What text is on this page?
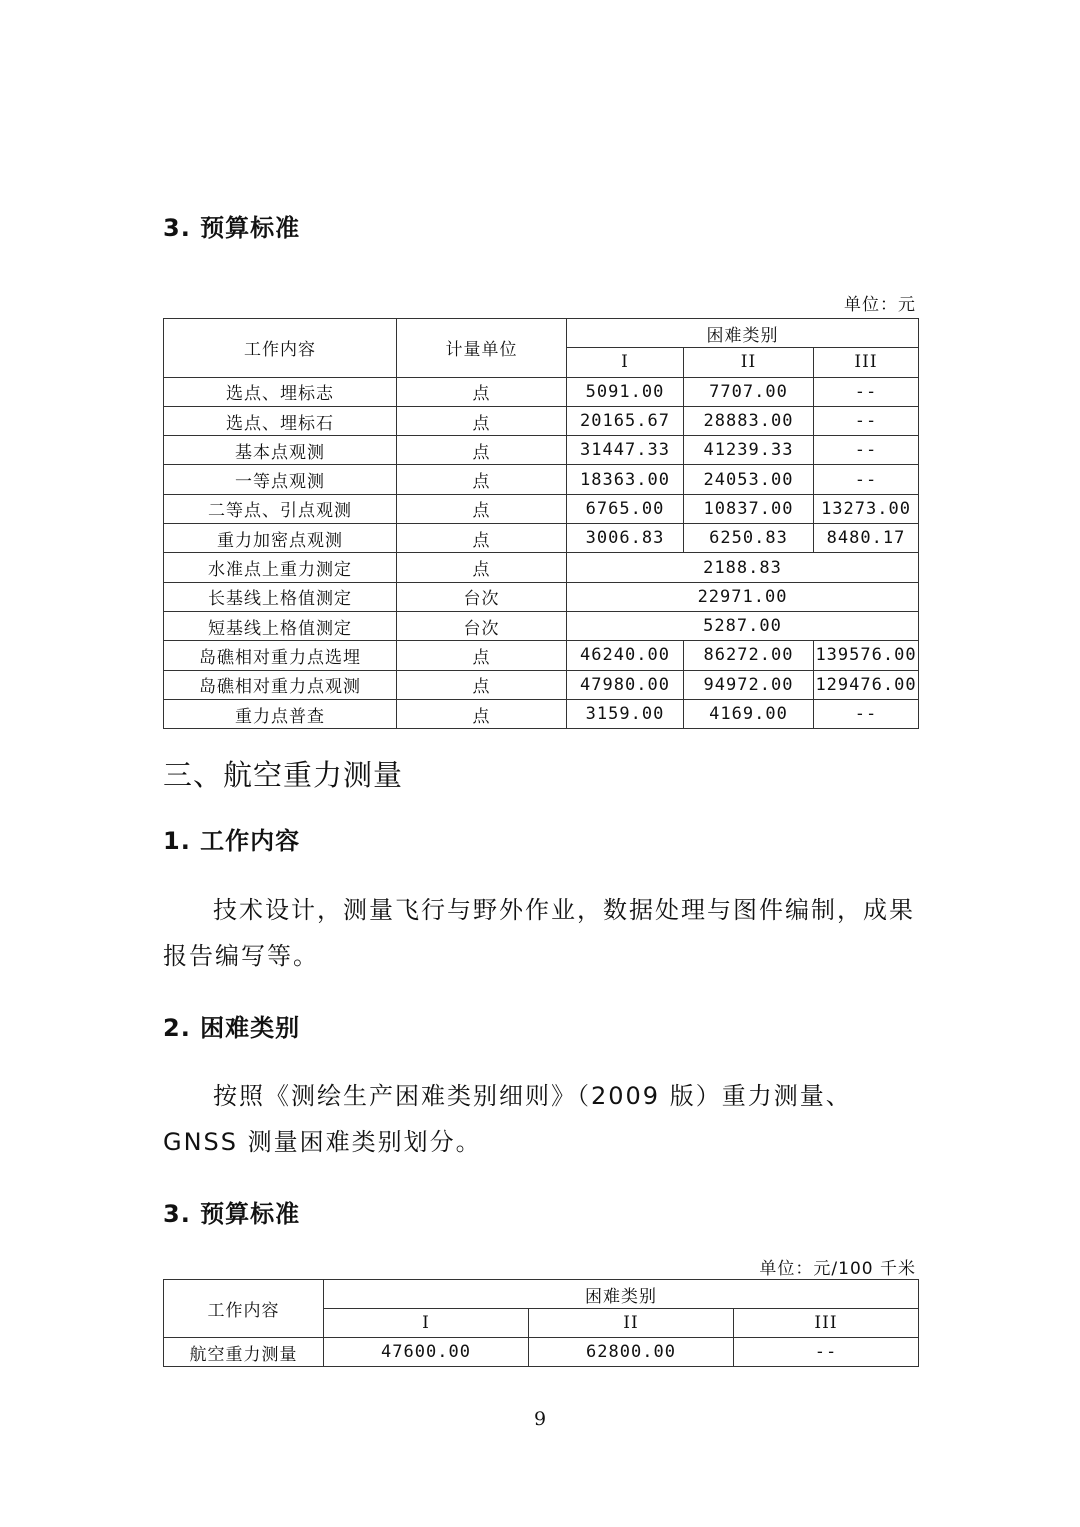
3. 预算标准
单位：元
工作内容	计量单位	困难类别		
		I	II	III
选点、埋标志	点	5091.00	7707.00	--
选点、埋标石	点	20165.67	28883.00	--
基本点观测	点	31447.33	41239.33	--
一等点观测	点	18363.00	24053.00	--
二等点、引点观测	点	6765.00	10837.00	13273.00
重力加密点观测	点	3006.83	6250.83	8480.17
水准点上重力测定	点	2188.83		
长基线上格值测定	台次	22971.00		
短基线上格值测定	台次	5287.00		
岛礁相对重力点选埋	点	46240.00	86272.00	139576.00
岛礁相对重力点观测	点	47980.00	94972.00	129476.00
重力点普查	点	3159.00	4169.00	--
三、航空重力测量
1. 工作内容

技术设计，测量飞行与野外作业，数据处理与图件编制，成果报告编写等。

2. 困难类别

按照《测绘生产困难类别细则》（2009 版）重力测量、GNSS 测量困难类别划分。

3. 预算标准
单位：元/100 千米
工作内容	困难类别		
	I	II	III
航空重力测量	47600.00	62800.00	--
9
